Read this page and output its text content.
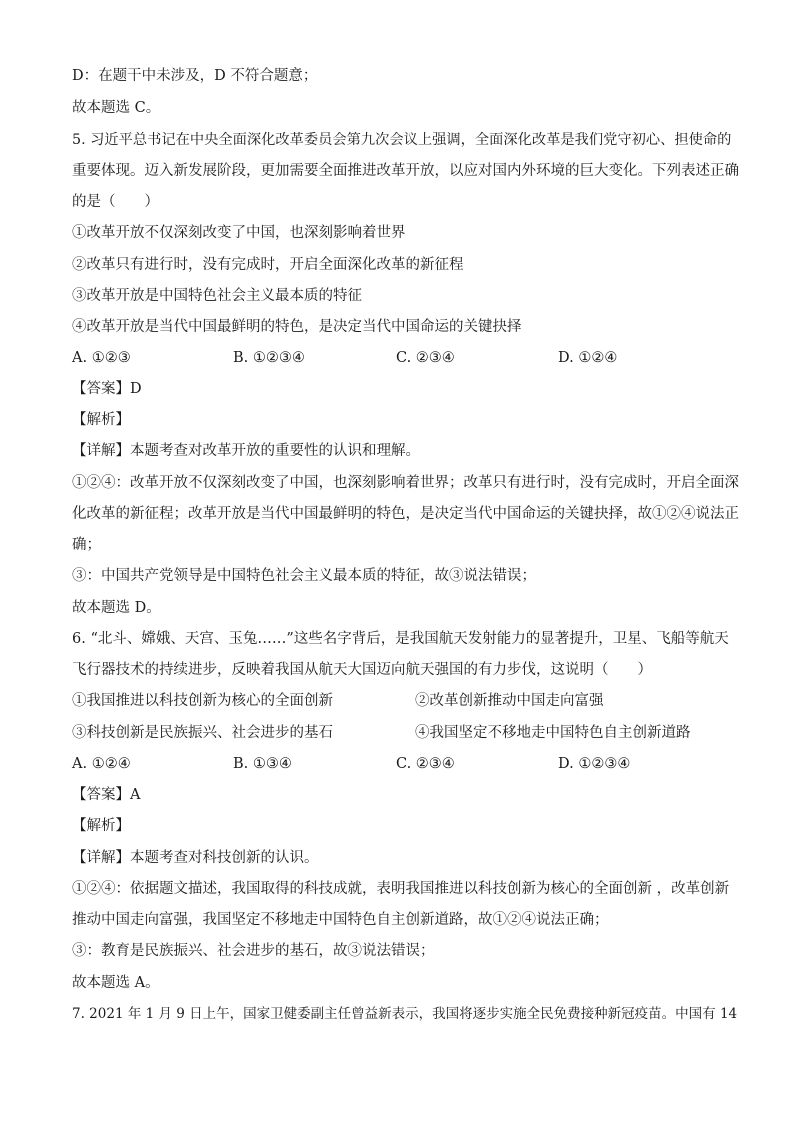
D：在题干中未涉及，D 不符合题意；
故本题选 C。
5. 习近平总书记在中央全面深化改革委员会第九次会议上强调，全面深化改革是我们党守初心、担使命的
重要体现。迈入新发展阶段，更加需要全面推进改革开放，以应对国内外环境的巨大变化。下列表述正确
的是（　　）
①改革开放不仅深刻改变了中国，也深刻影响着世界
②改革只有进行时，没有完成时，开启全面深化改革的新征程
③改革开放是中国特色社会主义最本质的特征
④改革开放是当代中国最鲜明的特色，是决定当代中国命运的关键抉择
A. ①②③	B. ①②③④	C. ②③④	D. ①②④
【答案】D
【解析】
【详解】本题考查对改革开放的重要性的认识和理解。
①②④：改革开放不仅深刻改变了中国，也深刻影响着世界；改革只有进行时，没有完成时，开启全面深
化改革的新征程；改革开放是当代中国最鲜明的特色，是决定当代中国命运的关键抉择，故①②④说法正
确；
③：中国共产党领导是中国特色社会主义最本质的特征，故③说法错误；
故本题选 D。
6. “北斗、嫦娥、天宫、玉兔……”这些名字背后，是我国航天发射能力的显著提升，卫星、飞船等航天
飞行器技术的持续进步，反映着我国从航天大国迈向航天强国的有力步伐，这说明（　　）
①我国推进以科技创新为核心的全面创新	②改革创新推动中国走向富强
③科技创新是民族振兴、社会进步的基石	④我国坚定不移地走中国特色自主创新道路
A. ①②④	B. ①③④	C. ②③④	D. ①②③④
【答案】A
【解析】
【详解】本题考查对科技创新的认识。
①②④：依据题文描述，我国取得的科技成就，表明我国推进以科技创新为核心的全面创新 ，改革创新
推动中国走向富强，我国坚定不移地走中国特色自主创新道路，故①②④说法正确；
③：教育是民族振兴、社会进步的基石，故③说法错误；
故本题选 A。
7. 2021 年 1 月 9 日上午，国家卫健委副主任曾益新表示，我国将逐步实施全民免费接种新冠疫苗。中国有 14
